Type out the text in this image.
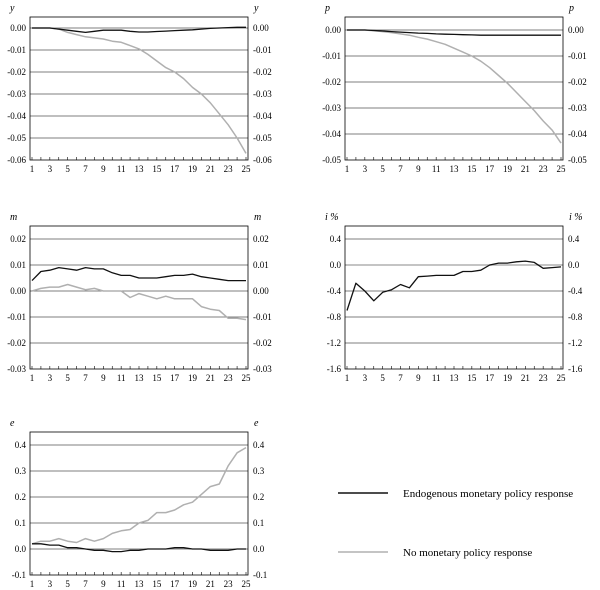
Endogenous monetary policy response
No monetary policy response
0.00	0.00
-0.01	-0.01
-0.02	-0.02
-0.03	-0.03
-0.04	-0.04
-0.05	-0.05
-0.06	-0.06
1 3 5 7 9 11 13 15 17 19 21 23 25
y	y
0.00	0.00
-0.01	-0.01
-0.02	-0.02
-0.03	-0.03
-0.04	-0.04
-0.05	-0.05
1 3 5 7 9 11 13 15 17 19 21 23 25
p	p
0.02	0.02
0.01	0.01
0.00	0.00
-0.01	-0.01
-0.02	-0.02
-0.03	-0.03
1 3 5 7 9 11 13 15 17 19 21 23 25
m	m
0.4	0.4
0.0	0.0
-0.4	-0.4
-0.8	-0.8
-1.2	-1.2
-1.6	-1.6
1 3 5 7 9 11 13 15 17 19 21 23 25
i %	i %
0.4	0.4
0.3	0.3
0.2	0.2
0.1	0.1
0.0	0.0
-0.1	-0.1
1 3 5 7 9 11 13 15 17 19 21 23 25
e	e
